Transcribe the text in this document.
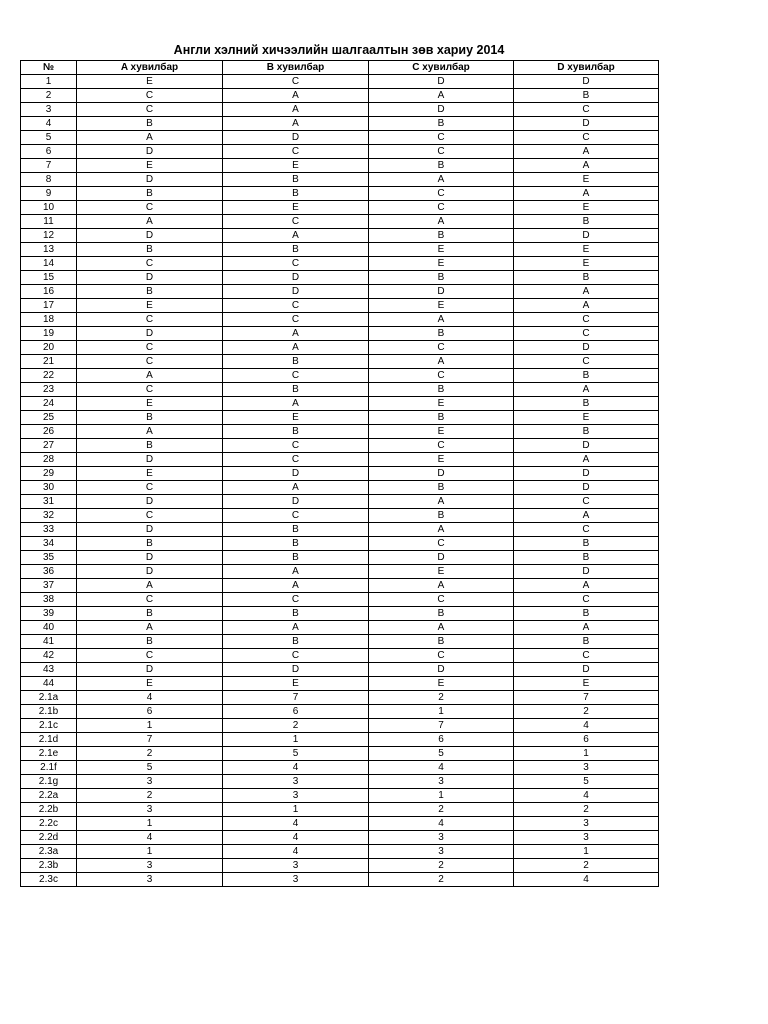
Англи хэлний хичээлийн шалгаалтын зөв хариу 2014
№	A хувилбар	B хувилбар	C хувилбар	D хувилбар
1	E	C	D	D
2	C	A	A	B
3	C	A	D	C
4	B	A	B	D
5	A	D	C	C
6	D	C	C	A
7	E	E	B	A
8	D	B	A	E
9	B	B	C	A
10	C	E	C	E
11	A	C	A	B
12	D	A	B	D
13	B	B	E	E
14	C	C	E	E
15	D	D	B	B
16	B	D	D	A
17	E	C	E	A
18	C	C	A	C
19	D	A	B	C
20	C	A	C	D
21	C	B	A	C
22	A	C	C	B
23	C	B	B	A
24	E	A	E	B
25	B	E	B	E
26	A	B	E	B
27	B	C	C	D
28	D	C	E	A
29	E	D	D	D
30	C	A	B	D
31	D	D	A	C
32	C	C	B	A
33	D	B	A	C
34	B	B	C	B
35	D	B	D	B
36	D	A	E	D
37	A	A	A	A
38	C	C	C	C
39	B	B	B	B
40	A	A	A	A
41	B	B	B	B
42	C	C	C	C
43	D	D	D	D
44	E	E	E	E
2.1a	4	7	2	7
2.1b	6	6	1	2
2.1c	1	2	7	4
2.1d	7	1	6	6
2.1e	2	5	5	1
2.1f	5	4	4	3
2.1g	3	3	3	5
2.2a	2	3	1	4
2.2b	3	1	2	2
2.2c	1	4	4	3
2.2d	4	4	3	3
2.3a	1	4	3	1
2.3b	3	3	2	2
2.3c	3	3	2	4
